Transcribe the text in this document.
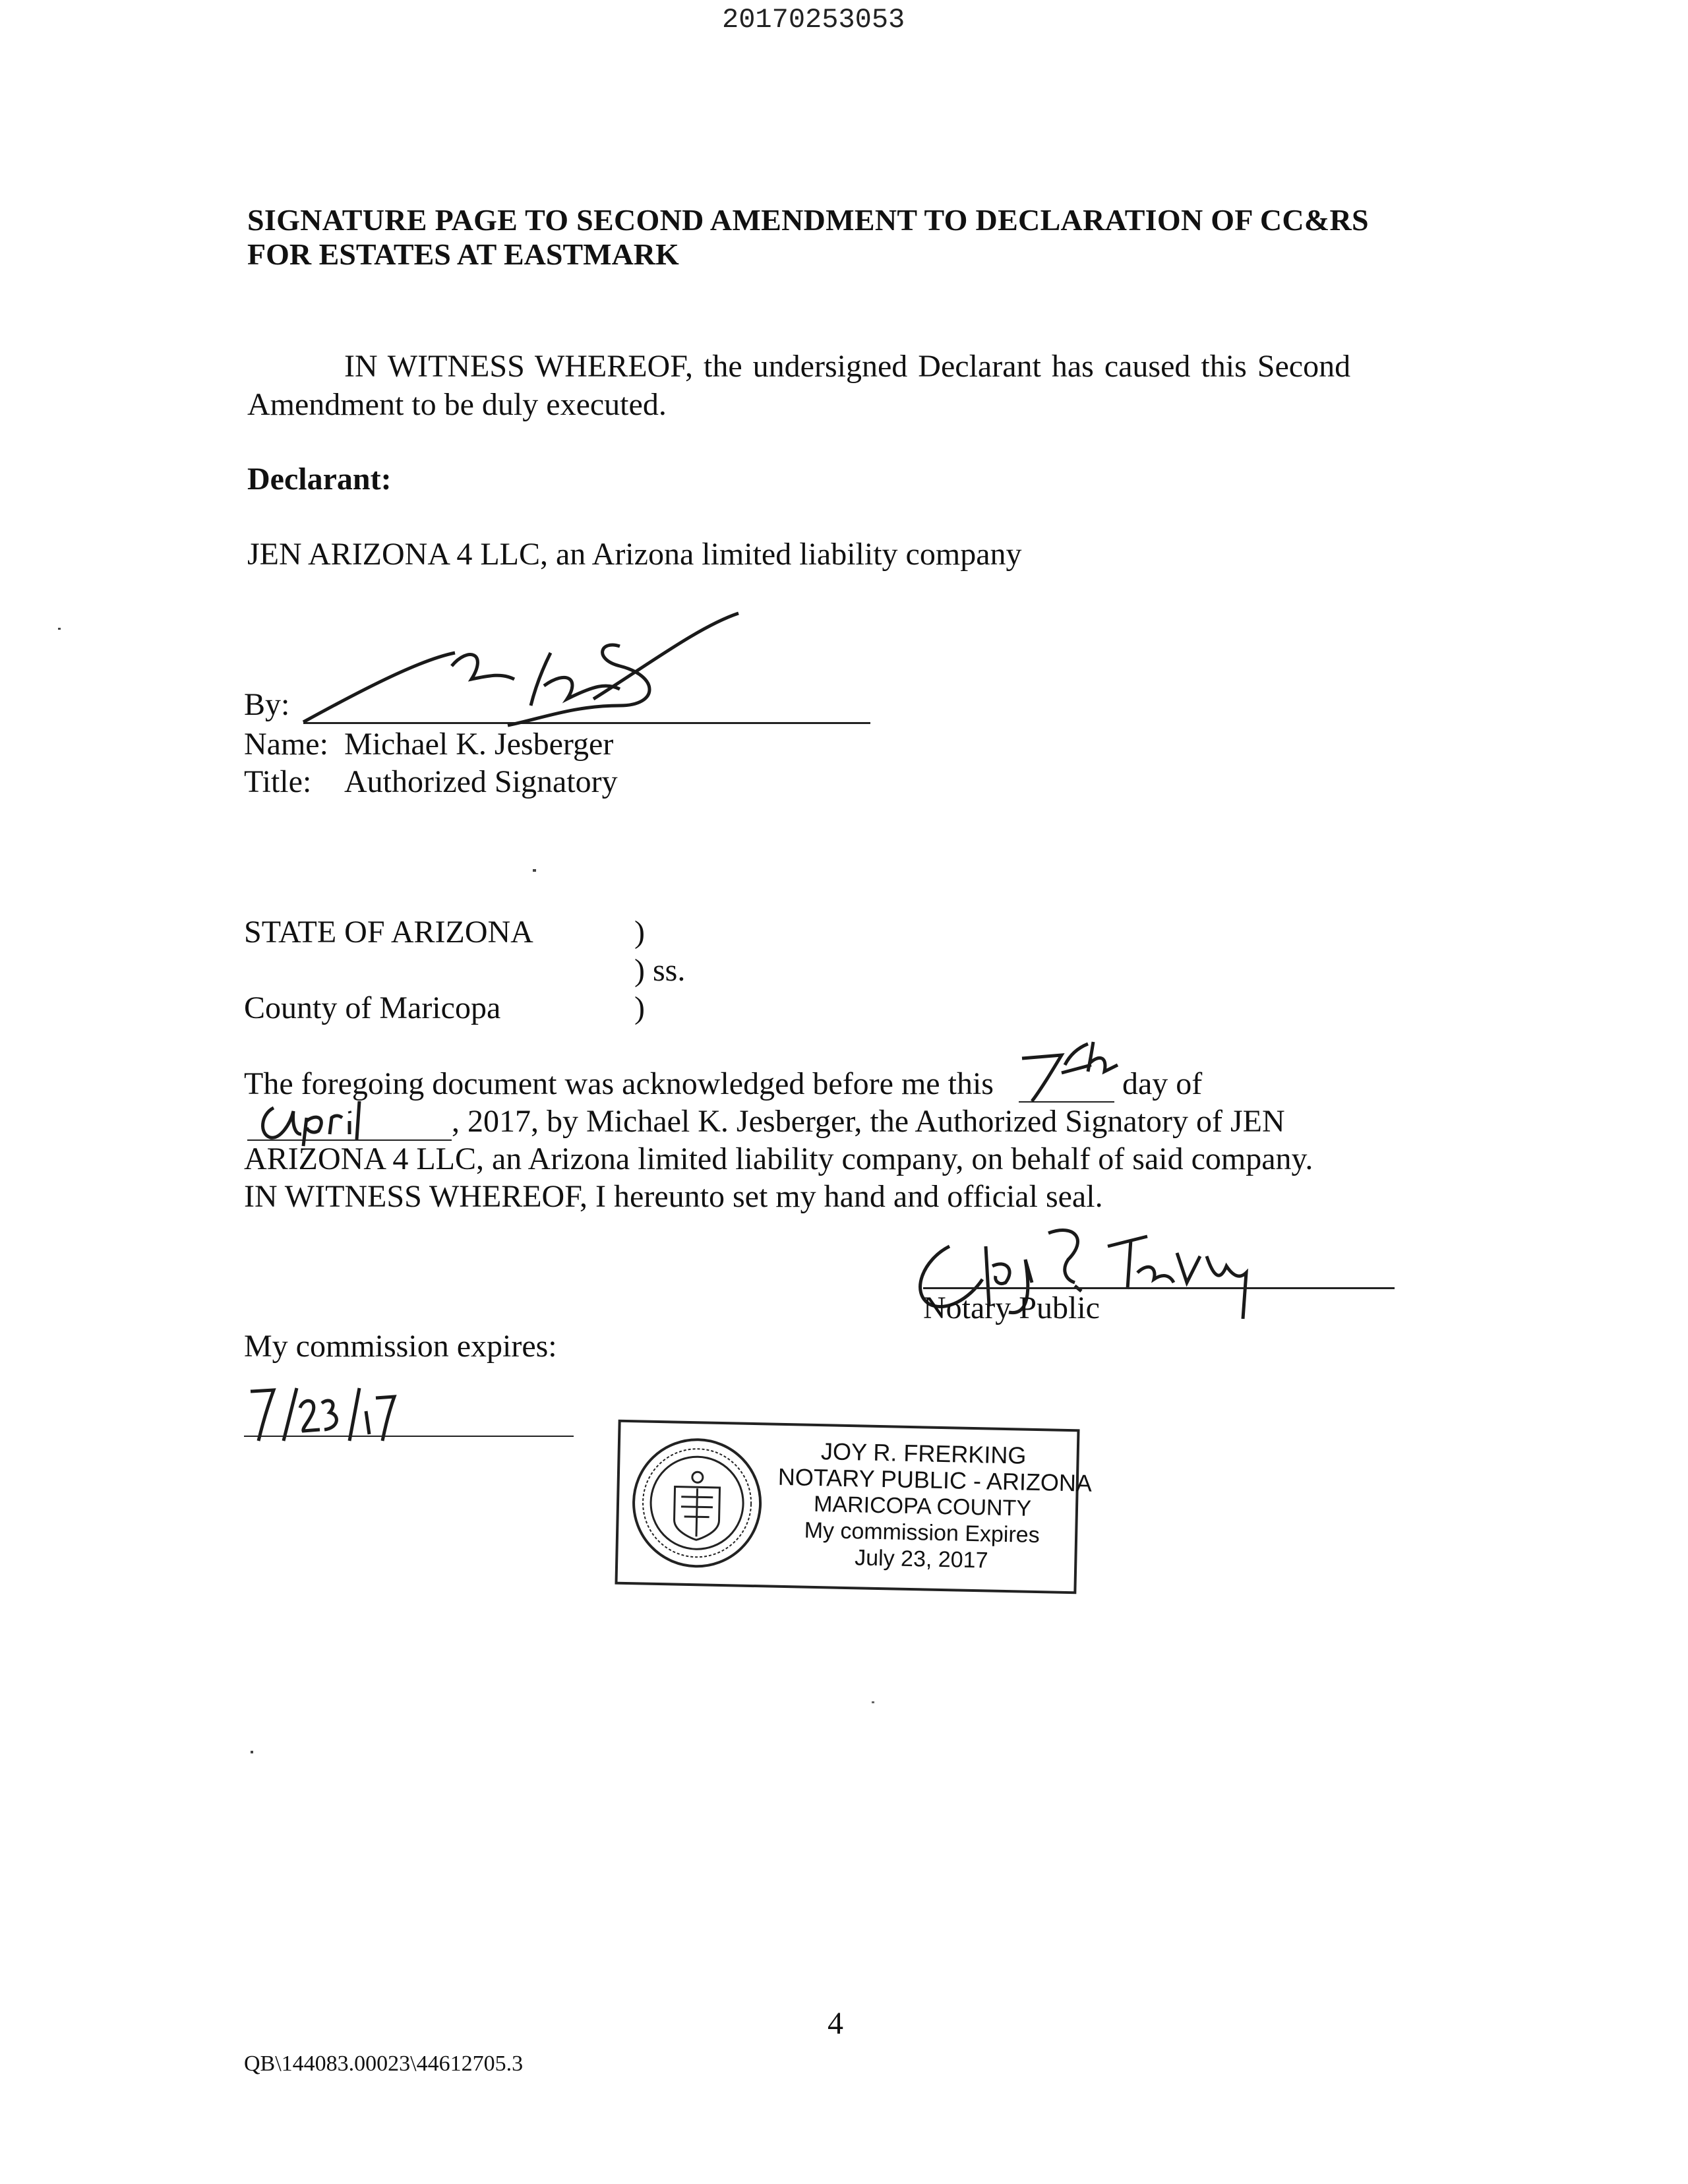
20170253053
SIGNATURE PAGE TO SECOND AMENDMENT TO DECLARATION OF CC&RS
FOR ESTATES AT EASTMARK
IN WITNESS WHEREOF, the undersigned Declarant has caused this Second
Amendment to be duly executed.
Declarant:
JEN ARIZONA 4 LLC, an Arizona limited liability company
By:
Name: Michael K. Jesberger
Title: Authorized Signatory
STATE OF ARIZONA	)
) ss.
County of Maricopa	)
The foregoing document was acknowledged before me this	day of
, 2017, by Michael K. Jesberger, the Authorized Signatory of JEN
ARIZONA 4 LLC, an Arizona limited liability company, on behalf of said company.
IN WITNESS WHEREOF, I hereunto set my hand and official seal.
Notary Public
My commission expires:
JOY R. FRERKING
NOTARY PUBLIC - ARIZONA
MARICOPA COUNTY
My commission Expires
July 23, 2017
4
QB\144083.00023\44612705.3
